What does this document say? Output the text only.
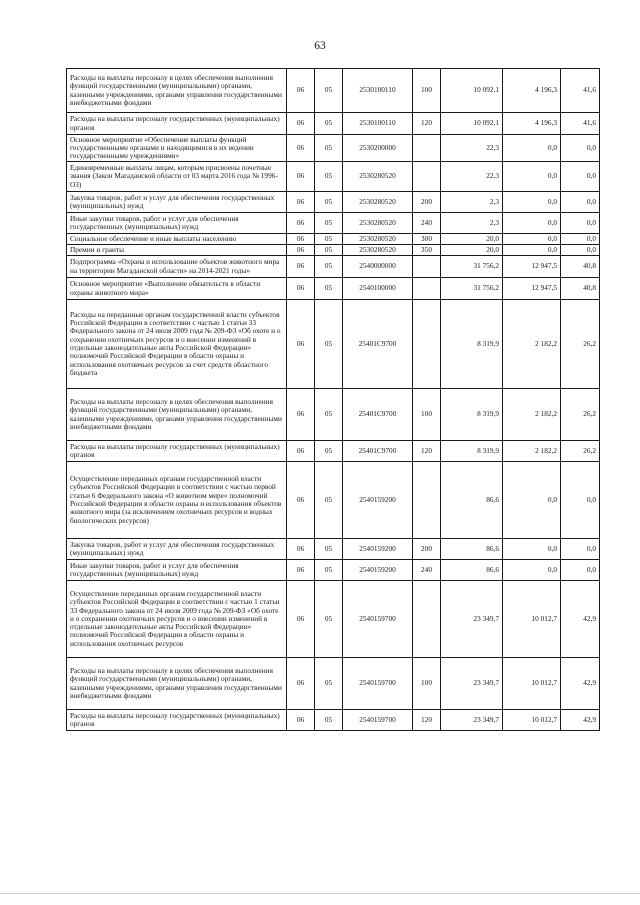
63
Расходы на выплаты персоналу в целях обеспечения выполнения функций государственными (муниципальными) органами, казенными учреждениями, органами управления государственными внебюджетными фондами	06	05	2530100110	100	10 092,1	4 196,3	41,6
Расходы на выплаты персоналу государственных (муниципальных) органов	06	05	2530100110	120	10 092,1	4 196,3	41,6
Основное мероприятие «Обеспечение выплаты функций государственными органами и находящимися в их ведении государственными учреждениями»	06	05	2530200000		22,3	0,0	0,0
Единовременные выплаты лицам, которым присвоены почетные звания (Закон Магаданской области от 03 марта 2016 года № 1996-ОЗ)	06	05	2530280520		22,3	0,0	0,0
Закупка товаров, работ и услуг для обеспечения государственных (муниципальных) нужд	06	05	2530280520	200	2,3	0,0	0,0
Иные закупки товаров, работ и услуг для обеспечения государственных (муниципальных) нужд	06	05	2530280520	240	2,3	0,0	0,0
Социальное обеспечение и иные выплаты населению	06	05	2530280520	300	20,0	0,0	0,0
Премии и гранты	06	05	2530280520	350	20,0	0,0	0,0
Подпрограмма «Охрана и использование объектов животного мира на территории Магаданской области» на 2014-2021 годы»	06	05	2540000000		31 756,2	12 947,5	40,8
Основное мероприятие «Выполнение обязательств в области охраны животного мира»	06	05	2540100000		31 756,2	12 947,5	40,8
Расходы на переданные органам государственной власти субъектов Российской Федерации в соответствии с частью 1 статьи 33 Федерального закона от 24 июля 2009 года № 209-ФЗ «Об охоте и о сохранении охотничьих ресурсов и о внесении изменений в отдельные законодательные акты Российской Федерации» полномочий Российской Федерации в области охраны и использования охотничьих ресурсов за счет средств областного бюджета	06	05	25401С9700		8 319,9	2 182,2	26,2
Расходы на выплаты персоналу в целях обеспечения выполнения функций государственными (муниципальными) органами, казенными учреждениями, органами управления государственными внебюджетными фондами	06	05	25401С9700	100	8 319,9	2 182,2	26,2
Расходы на выплаты персоналу государственных (муниципальных) органов	06	05	25401С9700	120	8 319,9	2 182,2	26,2
Осуществление переданных органам государственной власти субъектов Российской Федерации в соответствии с частью первой статьи 6 Федерального закона «О животном мире» полномочий Российской Федерации в области охраны и использования объектов животного мира (за исключением охотничьих ресурсов и водных биологических ресурсов)	06	05	2540159200		86,6	0,0	0,0
Закупка товаров, работ и услуг для обеспечения государственных (муниципальных) нужд	06	05	2540159200	200	86,6	0,0	0,0
Иные закупки товаров, работ и услуг для обеспечения государственных (муниципальных) нужд	06	05	2540159200	240	86,6	0,0	0,0
Осуществление переданных органам государственной власти субъектов Российской Федерации в соответствии с частью 1 статьи 33 Федерального закона от 24 июля 2009 года № 209-ФЗ «Об охоте и о сохранении охотничьих ресурсов и о внесении изменений в отдельные законодательные акты Российской Федерации» полномочий Российской Федерации в области охраны и использования охотничьих ресурсов	06	05	2540159700		23 349,7	10 012,7	42,9
Расходы на выплаты персоналу в целях обеспечения выполнения функций государственными (муниципальными) органами, казенными учреждениями, органами управления государственными внебюджетными фондами	06	05	2540159700	100	23 349,7	10 012,7	42,9
Расходы на выплаты персоналу государственных (муниципальных) органов	06	05	2540159700	120	23 349,7	10 012,7	42,9
